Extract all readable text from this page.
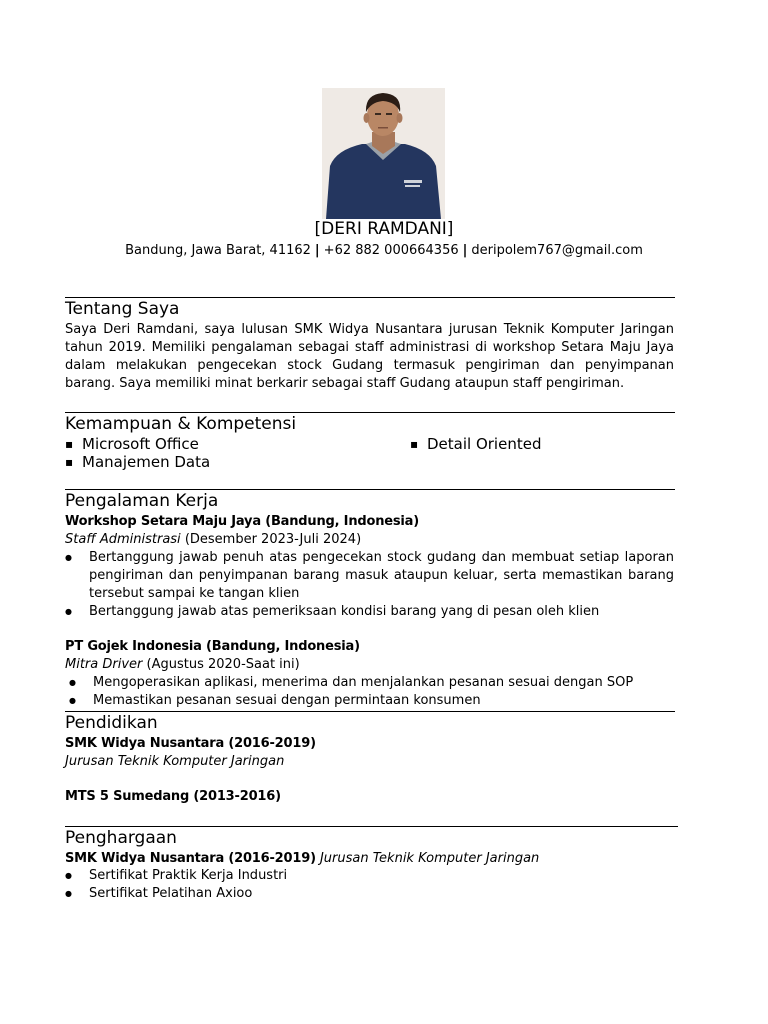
[DERI RAMDANI]
Bandung, Jawa Barat, 41162 | +62 882 000664356 | deripolem767@gmail.com
Tentang Saya
Saya Deri Ramdani, saya lulusan SMK Widya Nusantara jurusan Teknik Komputer Jaringan tahun 2019. Memiliki pengalaman sebagai staff administrasi di workshop Setara Maju Jaya dalam melakukan pengecekan stock Gudang termasuk pengiriman dan penyimpanan barang. Saya memiliki minat berkarir sebagai staff Gudang ataupun staff pengiriman.
Kemampuan & Kompetensi
▪ Microsoft Office
▪ Manajemen Data
▪ Detail Oriented
Pengalaman Kerja
Workshop Setara Maju Jaya (Bandung, Indonesia)
Staff Administrasi (Desember 2023-Juli 2024)
● Bertanggung jawab penuh atas pengecekan stock gudang dan membuat setiap laporan pengiriman dan penyimpanan barang masuk ataupun keluar, serta memastikan barang tersebut sampai ke tangan klien
● Bertanggung jawab atas pemeriksaan kondisi barang yang di pesan oleh klien
PT Gojek Indonesia (Bandung, Indonesia)
Mitra Driver (Agustus 2020-Saat ini)
● Mengoperasikan aplikasi, menerima dan menjalankan pesanan sesuai dengan SOP
● Memastikan pesanan sesuai dengan permintaan konsumen
Pendidikan
SMK Widya Nusantara (2016-2019)
Jurusan Teknik Komputer Jaringan
MTS 5 Sumedang (2013-2016)
Penghargaan
SMK Widya Nusantara (2016-2019) Jurusan Teknik Komputer Jaringan
● Sertifikat Praktik Kerja Industri
● Sertifikat Pelatihan Axioo
